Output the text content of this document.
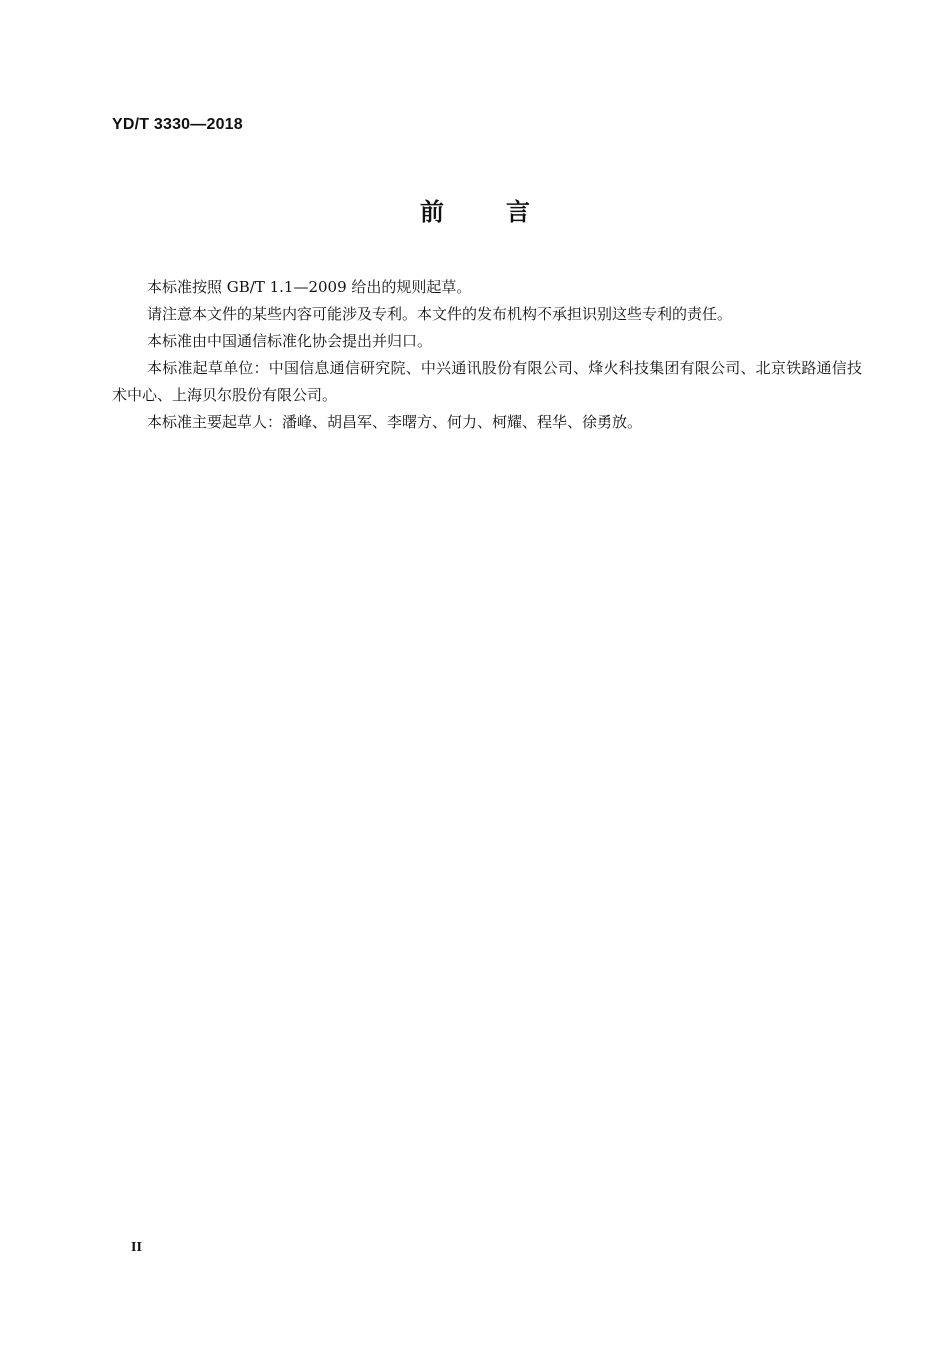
YD/T 3330—2018
前	言

本标准按照 GB/T 1.1—2009 给出的规则起草。

请注意本文件的某些内容可能涉及专利。本文件的发布机构不承担识别这些专利的责任。

本标准由中国通信标准化协会提出并归口。

本标准起草单位：中国信息通信研究院、中兴通讯股份有限公司、烽火科技集团有限公司、北京铁路通信技术中心、上海贝尔股份有限公司。

本标准主要起草人：潘峰、胡昌军、李曙方、何力、柯耀、程华、徐勇放。

II
